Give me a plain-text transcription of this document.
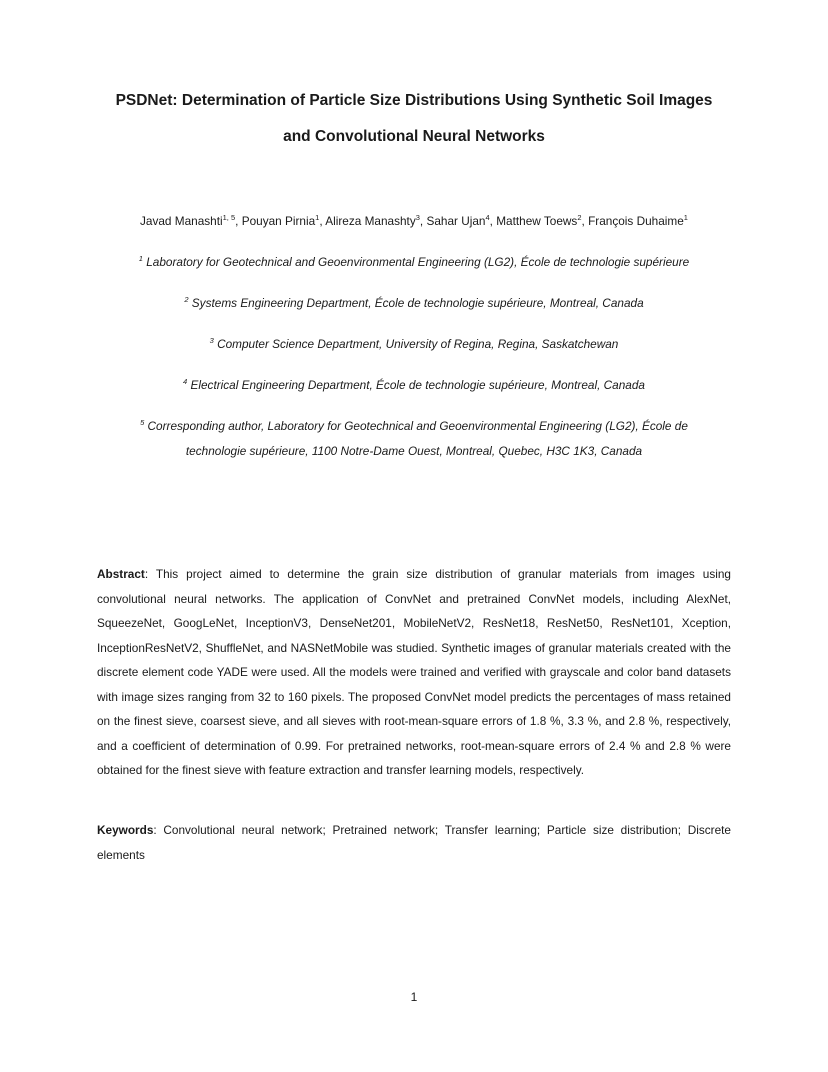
PSDNet: Determination of Particle Size Distributions Using Synthetic Soil Images
and Convolutional Neural Networks
Javad Manashti$^{1, 5}$, Pouyan Pirnia$^1$, Alireza Manashty$^3$, Sahar Ujan$^4$, Matthew Toews$^2$, François Duhaime$^1$
$^1$ Laboratory for Geotechnical and Geoenvironmental Engineering (LG2), École de technologie supérieure
$^2$ Systems Engineering Department, École de technologie supérieure, Montreal, Canada
$^3$ Computer Science Department, University of Regina, Regina, Saskatchewan
$^4$ Electrical Engineering Department, École de technologie supérieure, Montreal, Canada
$^5$ Corresponding author, Laboratory for Geotechnical and Geoenvironmental Engineering (LG2), École de
technologie supérieure, 1100 Notre-Dame Ouest, Montreal, Quebec, H3C 1K3, Canada
Abstract: This project aimed to determine the grain size distribution of granular materials from images using convolutional neural networks. The application of ConvNet and pretrained ConvNet models, including AlexNet, SqueezeNet, GoogLeNet, InceptionV3, DenseNet201, MobileNetV2, ResNet18, ResNet50, ResNet101, Xception, InceptionResNetV2, ShuffleNet, and NASNetMobile was studied. Synthetic images of granular materials created with the discrete element code YADE were used. All the models were trained and verified with grayscale and color band datasets with image sizes ranging from 32 to 160 pixels. The proposed ConvNet model predicts the percentages of mass retained on the finest sieve, coarsest sieve, and all sieves with root-mean-square errors of 1.8 %, 3.3 %, and 2.8 %, respectively, and a coefficient of determination of 0.99. For pretrained networks, root-mean-square errors of 2.4 % and 2.8 % were obtained for the finest sieve with feature extraction and transfer learning models, respectively.
Keywords: Convolutional neural network; Pretrained network; Transfer learning; Particle size distribution; Discrete elements
1
